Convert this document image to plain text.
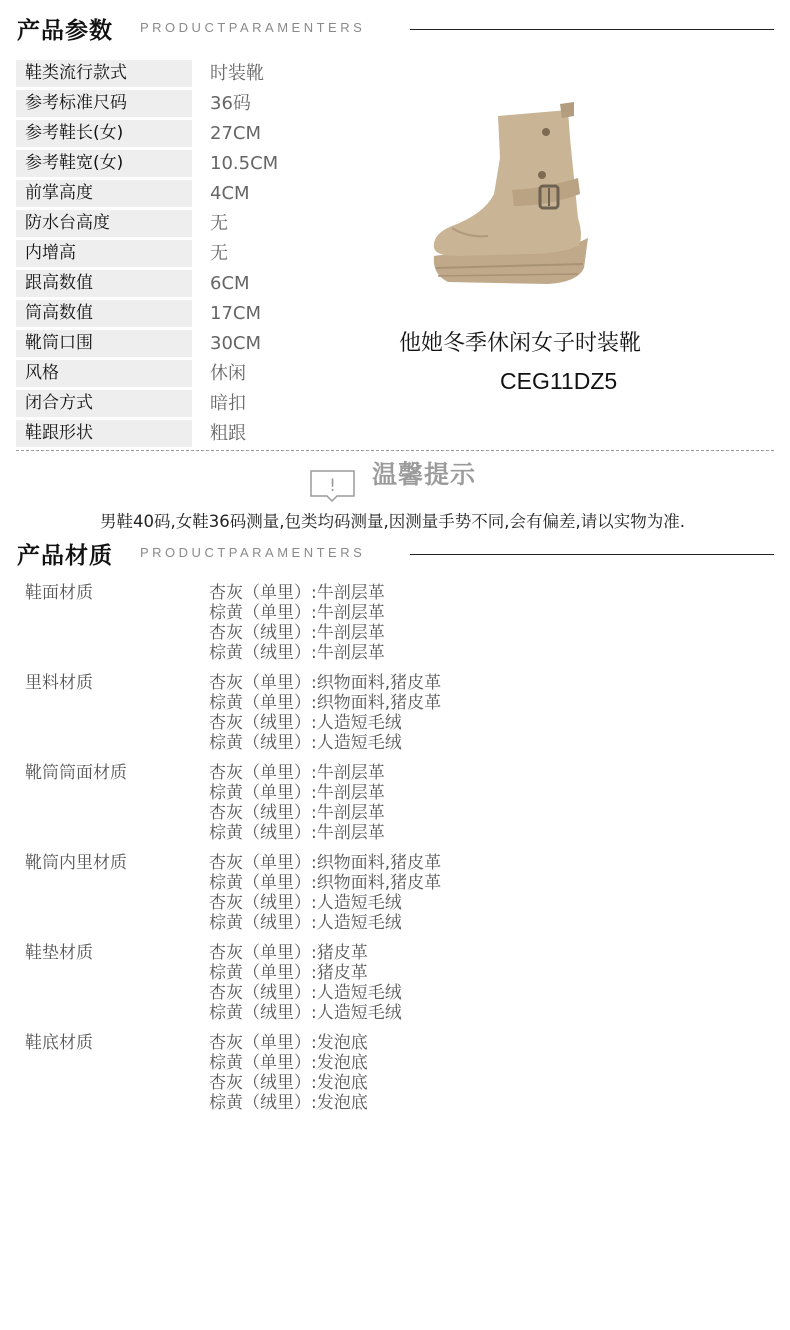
产品参数 PRODUCTPARAMENTERS
鞋类流行款式	时装靴
参考标准尺码	36码
参考鞋长(女)	27CM
参考鞋宽(女)	10.5CM
前掌高度	4CM
防水台高度	无
内增高	无
跟高数值	6CM
筒高数值	17CM
靴筒口围	30CM
风格	休闲
闭合方式	暗扣
鞋跟形状	粗跟
他她冬季休闲女子时装靴
CEG11DZ5
! 温馨提示
男鞋40码,女鞋36码测量,包类均码测量,因测量手势不同,会有偏差,请以实物为准.
产品材质 PRODUCTPARAMENTERS
鞋面材质	杏灰（单里）:牛剖层革
棕黄（单里）:牛剖层革
杏灰（绒里）:牛剖层革
棕黄（绒里）:牛剖层革
里料材质	杏灰（单里）:织物面料,猪皮革
棕黄（单里）:织物面料,猪皮革
杏灰（绒里）:人造短毛绒
棕黄（绒里）:人造短毛绒
靴筒筒面材质	杏灰（单里）:牛剖层革
棕黄（单里）:牛剖层革
杏灰（绒里）:牛剖层革
棕黄（绒里）:牛剖层革
靴筒内里材质	杏灰（单里）:织物面料,猪皮革
棕黄（单里）:织物面料,猪皮革
杏灰（绒里）:人造短毛绒
棕黄（绒里）:人造短毛绒
鞋垫材质	杏灰（单里）:猪皮革
棕黄（单里）:猪皮革
杏灰（绒里）:人造短毛绒
棕黄（绒里）:人造短毛绒
鞋底材质	杏灰（单里）:发泡底
棕黄（单里）:发泡底
杏灰（绒里）:发泡底
棕黄（绒里）:发泡底
